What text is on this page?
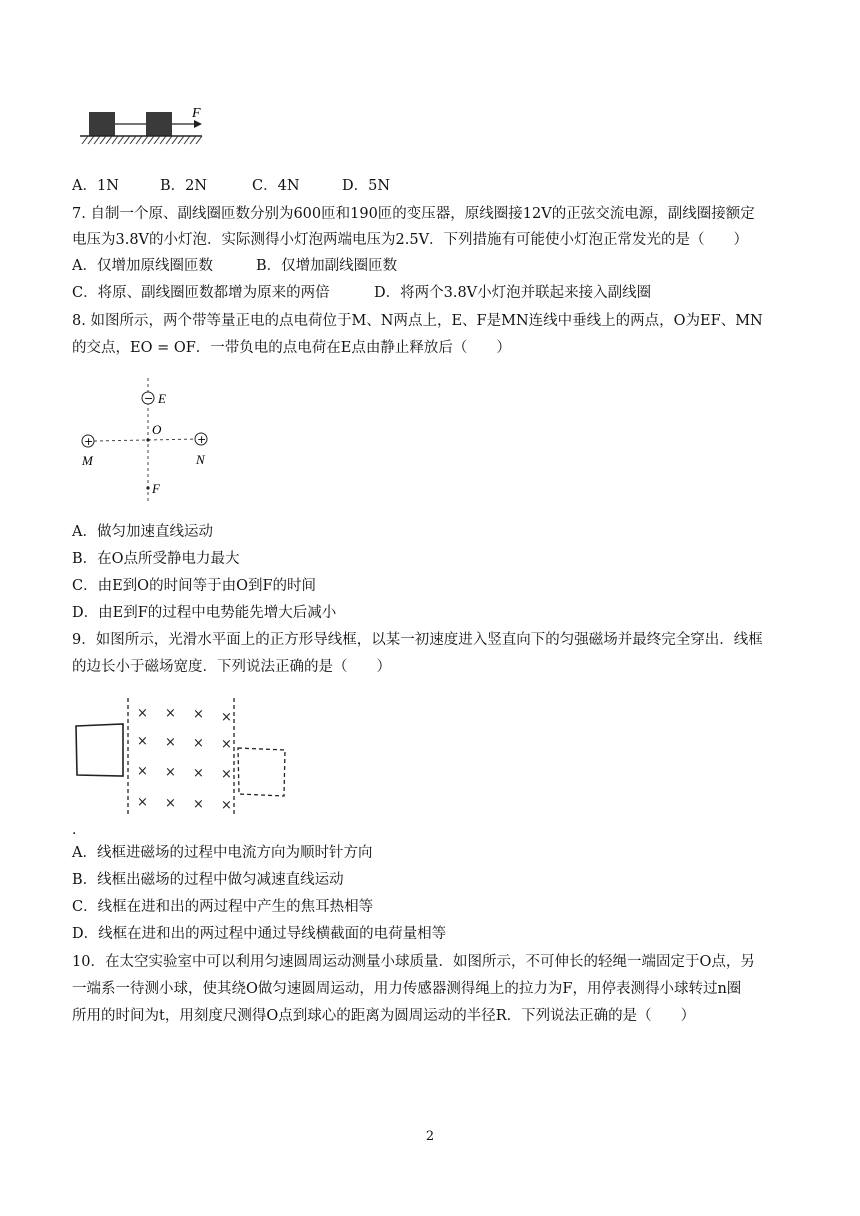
F
A．1N	B．2N	C．4N	D．5N
7. 自制一个原、副线圈匝数分别为600匝和190匝的变压器，原线圈接12V的正弦交流电源，副线圈接额定
电压为3.8V的小灯泡．实际测得小灯泡两端电压为2.5V．下列措施有可能使小灯泡正常发光的是（　　）
A．仅增加原线圈匝数	B．仅增加副线圈匝数
C．将原、副线圈匝数都增为原来的两倍	D．将两个3.8V小灯泡并联起来接入副线圈
8. 如图所示，两个带等量正电的点电荷位于M、N两点上，E、F是MN连线中垂线上的两点，O为EF、MN
的交点，EO = OF．一带负电的点电荷在E点由静止释放后（　　）
− E
O
+
M
+
N
F
A．做匀加速直线运动
B．在O点所受静电力最大
C．由E到O的时间等于由O到F的时间
D．由E到F的过程中电势能先增大后减小
9．如图所示，光滑水平面上的正方形导线框，以某一初速度进入竖直向下的匀强磁场并最终完全穿出．线框
的边长小于磁场宽度．下列说法正确的是（　　）
× × × ×
× × × ×
× × × ×
× × × ×
.
A．线框进磁场的过程中电流方向为顺时针方向
B．线框出磁场的过程中做匀减速直线运动
C．线框在进和出的两过程中产生的焦耳热相等
D．线框在进和出的两过程中通过导线横截面的电荷量相等
10．在太空实验室中可以利用匀速圆周运动测量小球质量．如图所示，不可伸长的轻绳一端固定于O点，另
一端系一待测小球，使其绕O做匀速圆周运动，用力传感器测得绳上的拉力为F，用停表测得小球转过n圈
所用的时间为t，用刻度尺测得O点到球心的距离为圆周运动的半径R．下列说法正确的是（　　）
2
